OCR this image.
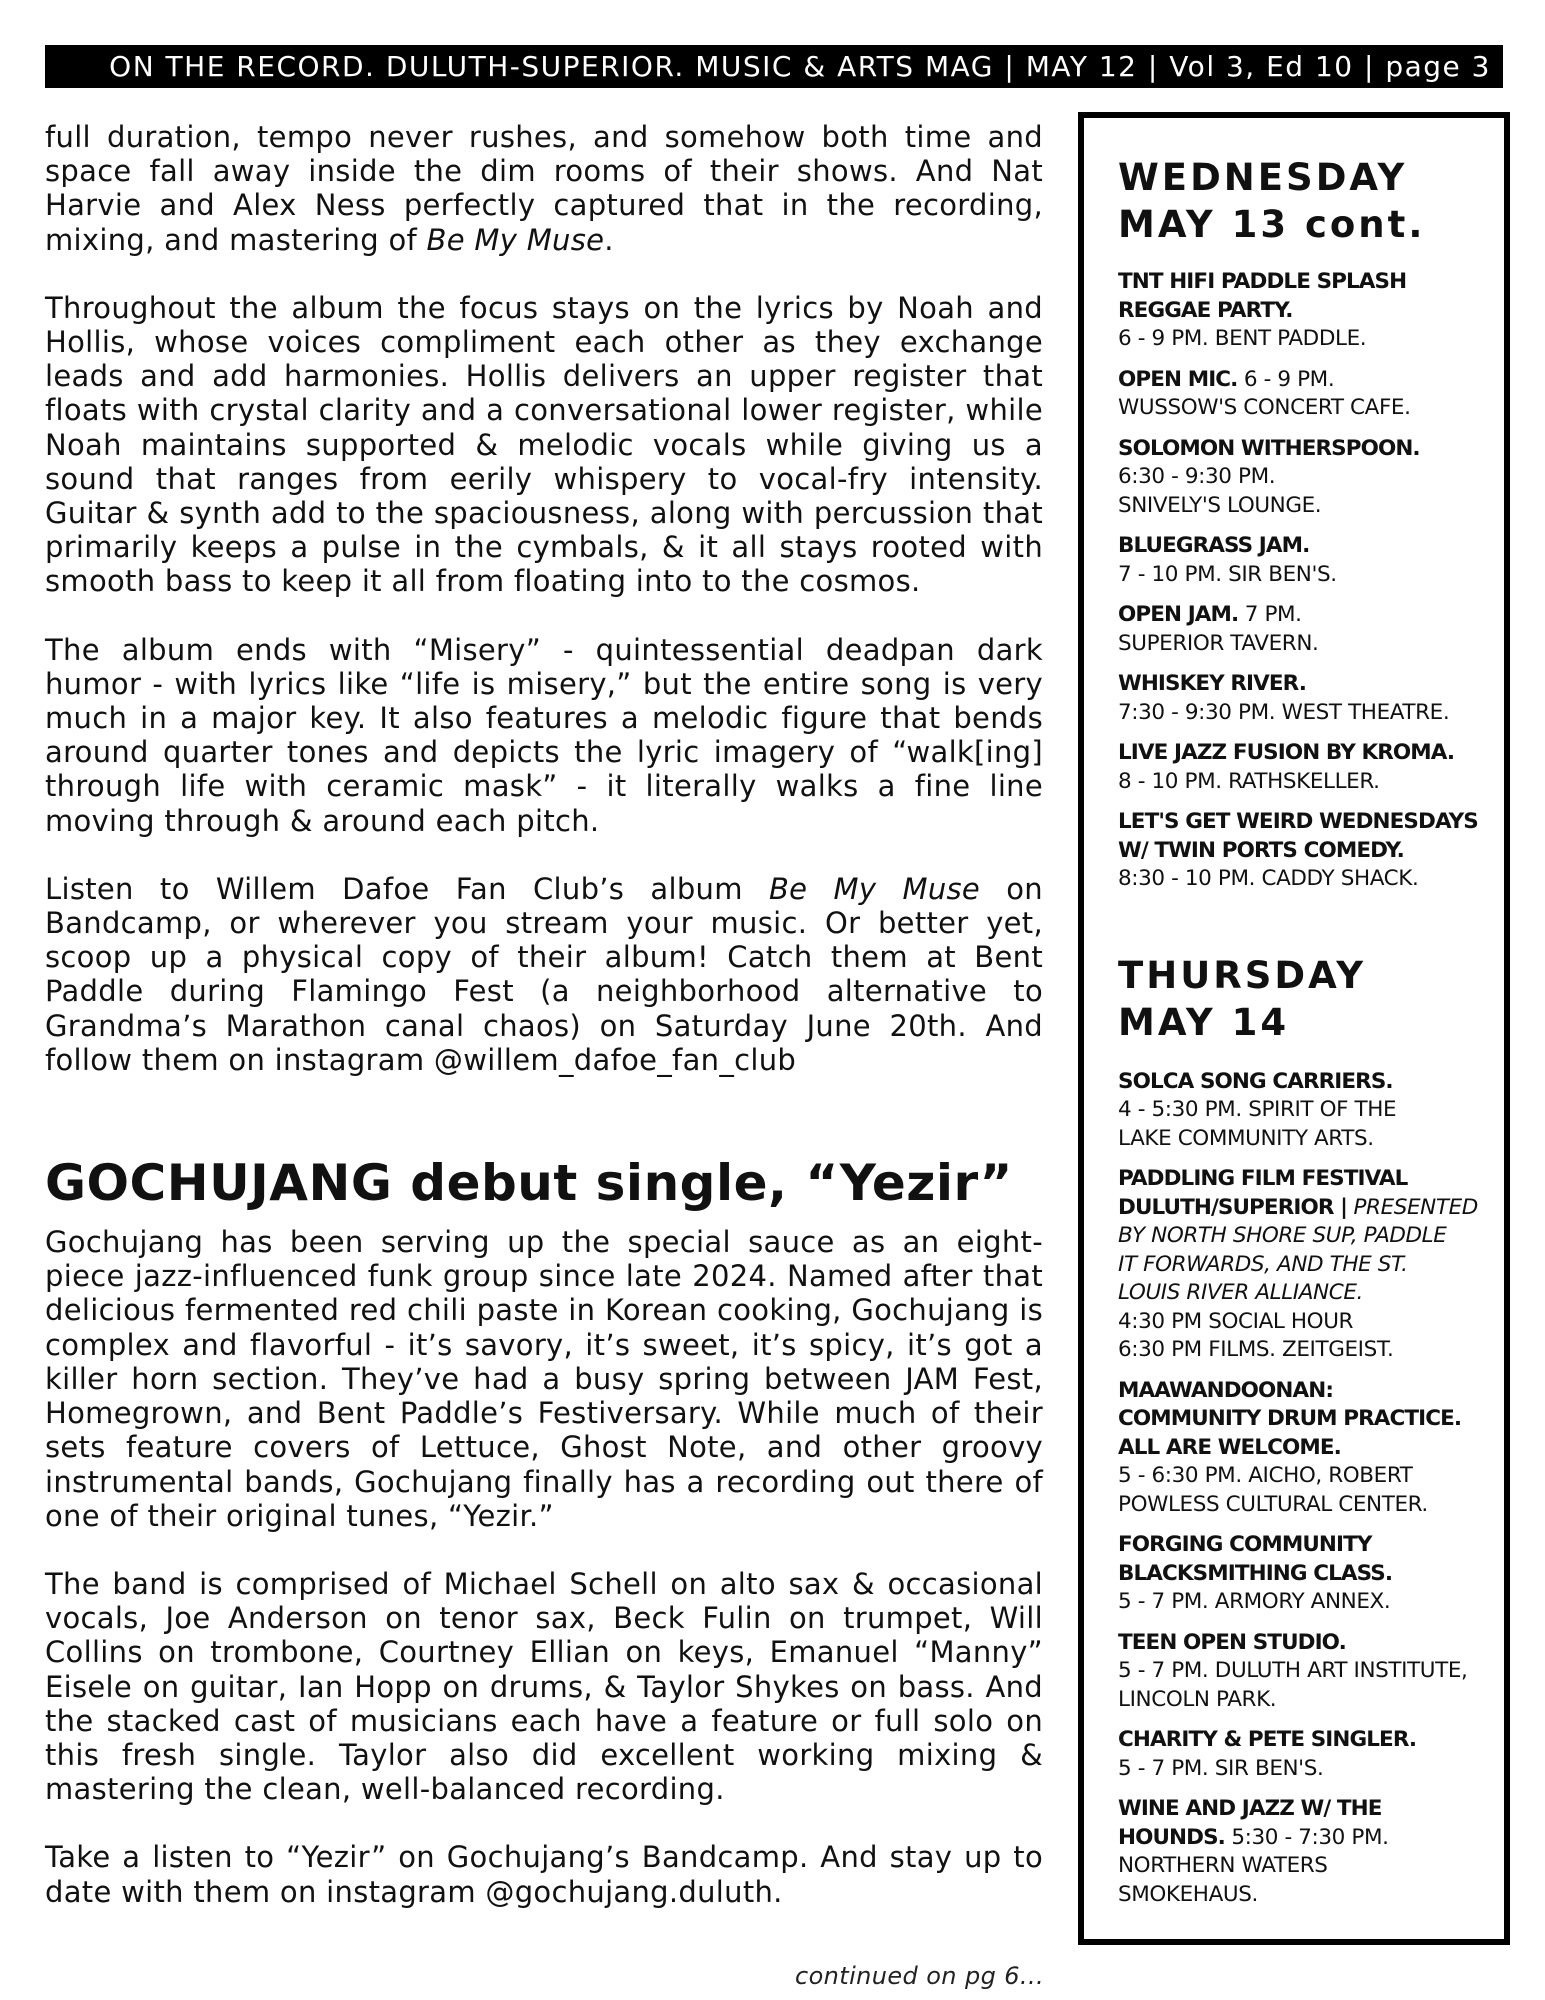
ON THE RECORD. DULUTH-SUPERIOR. MUSIC & ARTS MAG | MAY 12 | Vol 3, Ed 10 | page 3

full duration, tempo never rushes, and somehow both time and space fall away inside the dim rooms of their shows. And Nat Harvie and Alex Ness perfectly captured that in the recording, mixing, and mastering of Be My Muse.

Throughout the album the focus stays on the lyrics by Noah and Hollis, whose voices compliment each other as they exchange leads and add harmonies. Hollis delivers an upper register that floats with crystal clarity and a conversational lower register, while Noah maintains supported & melodic vocals while giving us a sound that ranges from eerily whispery to vocal-fry intensity. Guitar & synth add to the spaciousness, along with percussion that primarily keeps a pulse in the cymbals, & it all stays rooted with smooth bass to keep it all from floating into to the cosmos.

The album ends with “Misery” - quintessential deadpan dark humor - with lyrics like “life is misery,” but the entire song is very much in a major key. It also features a melodic figure that bends around quarter tones and depicts the lyric imagery of “walk[ing] through life with ceramic mask” - it literally walks a fine line moving through & around each pitch.

Listen to Willem Dafoe Fan Club’s album Be My Muse on Bandcamp, or wherever you stream your music. Or better yet, scoop up a physical copy of their album! Catch them at Bent Paddle during Flamingo Fest (a neighborhood alternative to Grandma’s Marathon canal chaos) on Saturday June 20th. And follow them on instagram @willem_dafoe_fan_club

GOCHUJANG debut single, “Yezir”

Gochujang has been serving up the special sauce as an eight-piece jazz-influenced funk group since late 2024. Named after that delicious fermented red chili paste in Korean cooking, Gochujang is complex and flavorful - it’s savory, it’s sweet, it’s spicy, it’s got a killer horn section. They’ve had a busy spring between JAM Fest, Homegrown, and Bent Paddle’s Festiversary. While much of their sets feature covers of Lettuce, Ghost Note, and other groovy instrumental bands, Gochujang finally has a recording out there of one of their original tunes, “Yezir.”

The band is comprised of Michael Schell on alto sax & occasional vocals, Joe Anderson on tenor sax, Beck Fulin on trumpet, Will Collins on trombone, Courtney Ellian on keys, Emanuel “Manny” Eisele on guitar, Ian Hopp on drums, & Taylor Shykes on bass. And the stacked cast of musicians each have a feature or full solo on this fresh single. Taylor also did excellent working mixing & mastering the clean, well-balanced recording.

Take a listen to “Yezir” on Gochujang’s Bandcamp. And stay up to date with them on instagram @gochujang.duluth.

continued on pg 6...
WEDNESDAY
MAY 13 cont.
TNT HIFI PADDLE SPLASH
REGGAE PARTY.
6 - 9 PM. BENT PADDLE.
OPEN MIC. 6 - 9 PM.
WUSSOW'S CONCERT CAFE.
SOLOMON WITHERSPOON.
6:30 - 9:30 PM.
SNIVELY'S LOUNGE.
BLUEGRASS JAM.
7 - 10 PM. SIR BEN'S.
OPEN JAM. 7 PM.
SUPERIOR TAVERN.
WHISKEY RIVER.
7:30 - 9:30 PM. WEST THEATRE.
LIVE JAZZ FUSION BY KROMA.
8 - 10 PM. RATHSKELLER.
LET'S GET WEIRD WEDNESDAYS
W/ TWIN PORTS COMEDY.
8:30 - 10 PM. CADDY SHACK.
THURSDAY
MAY 14
SOLCA SONG CARRIERS.
4 - 5:30 PM. SPIRIT OF THE
LAKE COMMUNITY ARTS.
PADDLING FILM FESTIVAL
DULUTH/SUPERIOR | PRESENTED
BY NORTH SHORE SUP, PADDLE
IT FORWARDS, AND THE ST.
LOUIS RIVER ALLIANCE.
4:30 PM SOCIAL HOUR
6:30 PM FILMS. ZEITGEIST.
MAAWANDOONAN:
COMMUNITY DRUM PRACTICE.
ALL ARE WELCOME.
5 - 6:30 PM. AICHO, ROBERT
POWLESS CULTURAL CENTER.
FORGING COMMUNITY
BLACKSMITHING CLASS.
5 - 7 PM. ARMORY ANNEX.
TEEN OPEN STUDIO.
5 - 7 PM. DULUTH ART INSTITUTE,
LINCOLN PARK.
CHARITY & PETE SINGLER.
5 - 7 PM. SIR BEN'S.
WINE AND JAZZ W/ THE
HOUNDS. 5:30 - 7:30 PM.
NORTHERN WATERS
SMOKEHAUS.
